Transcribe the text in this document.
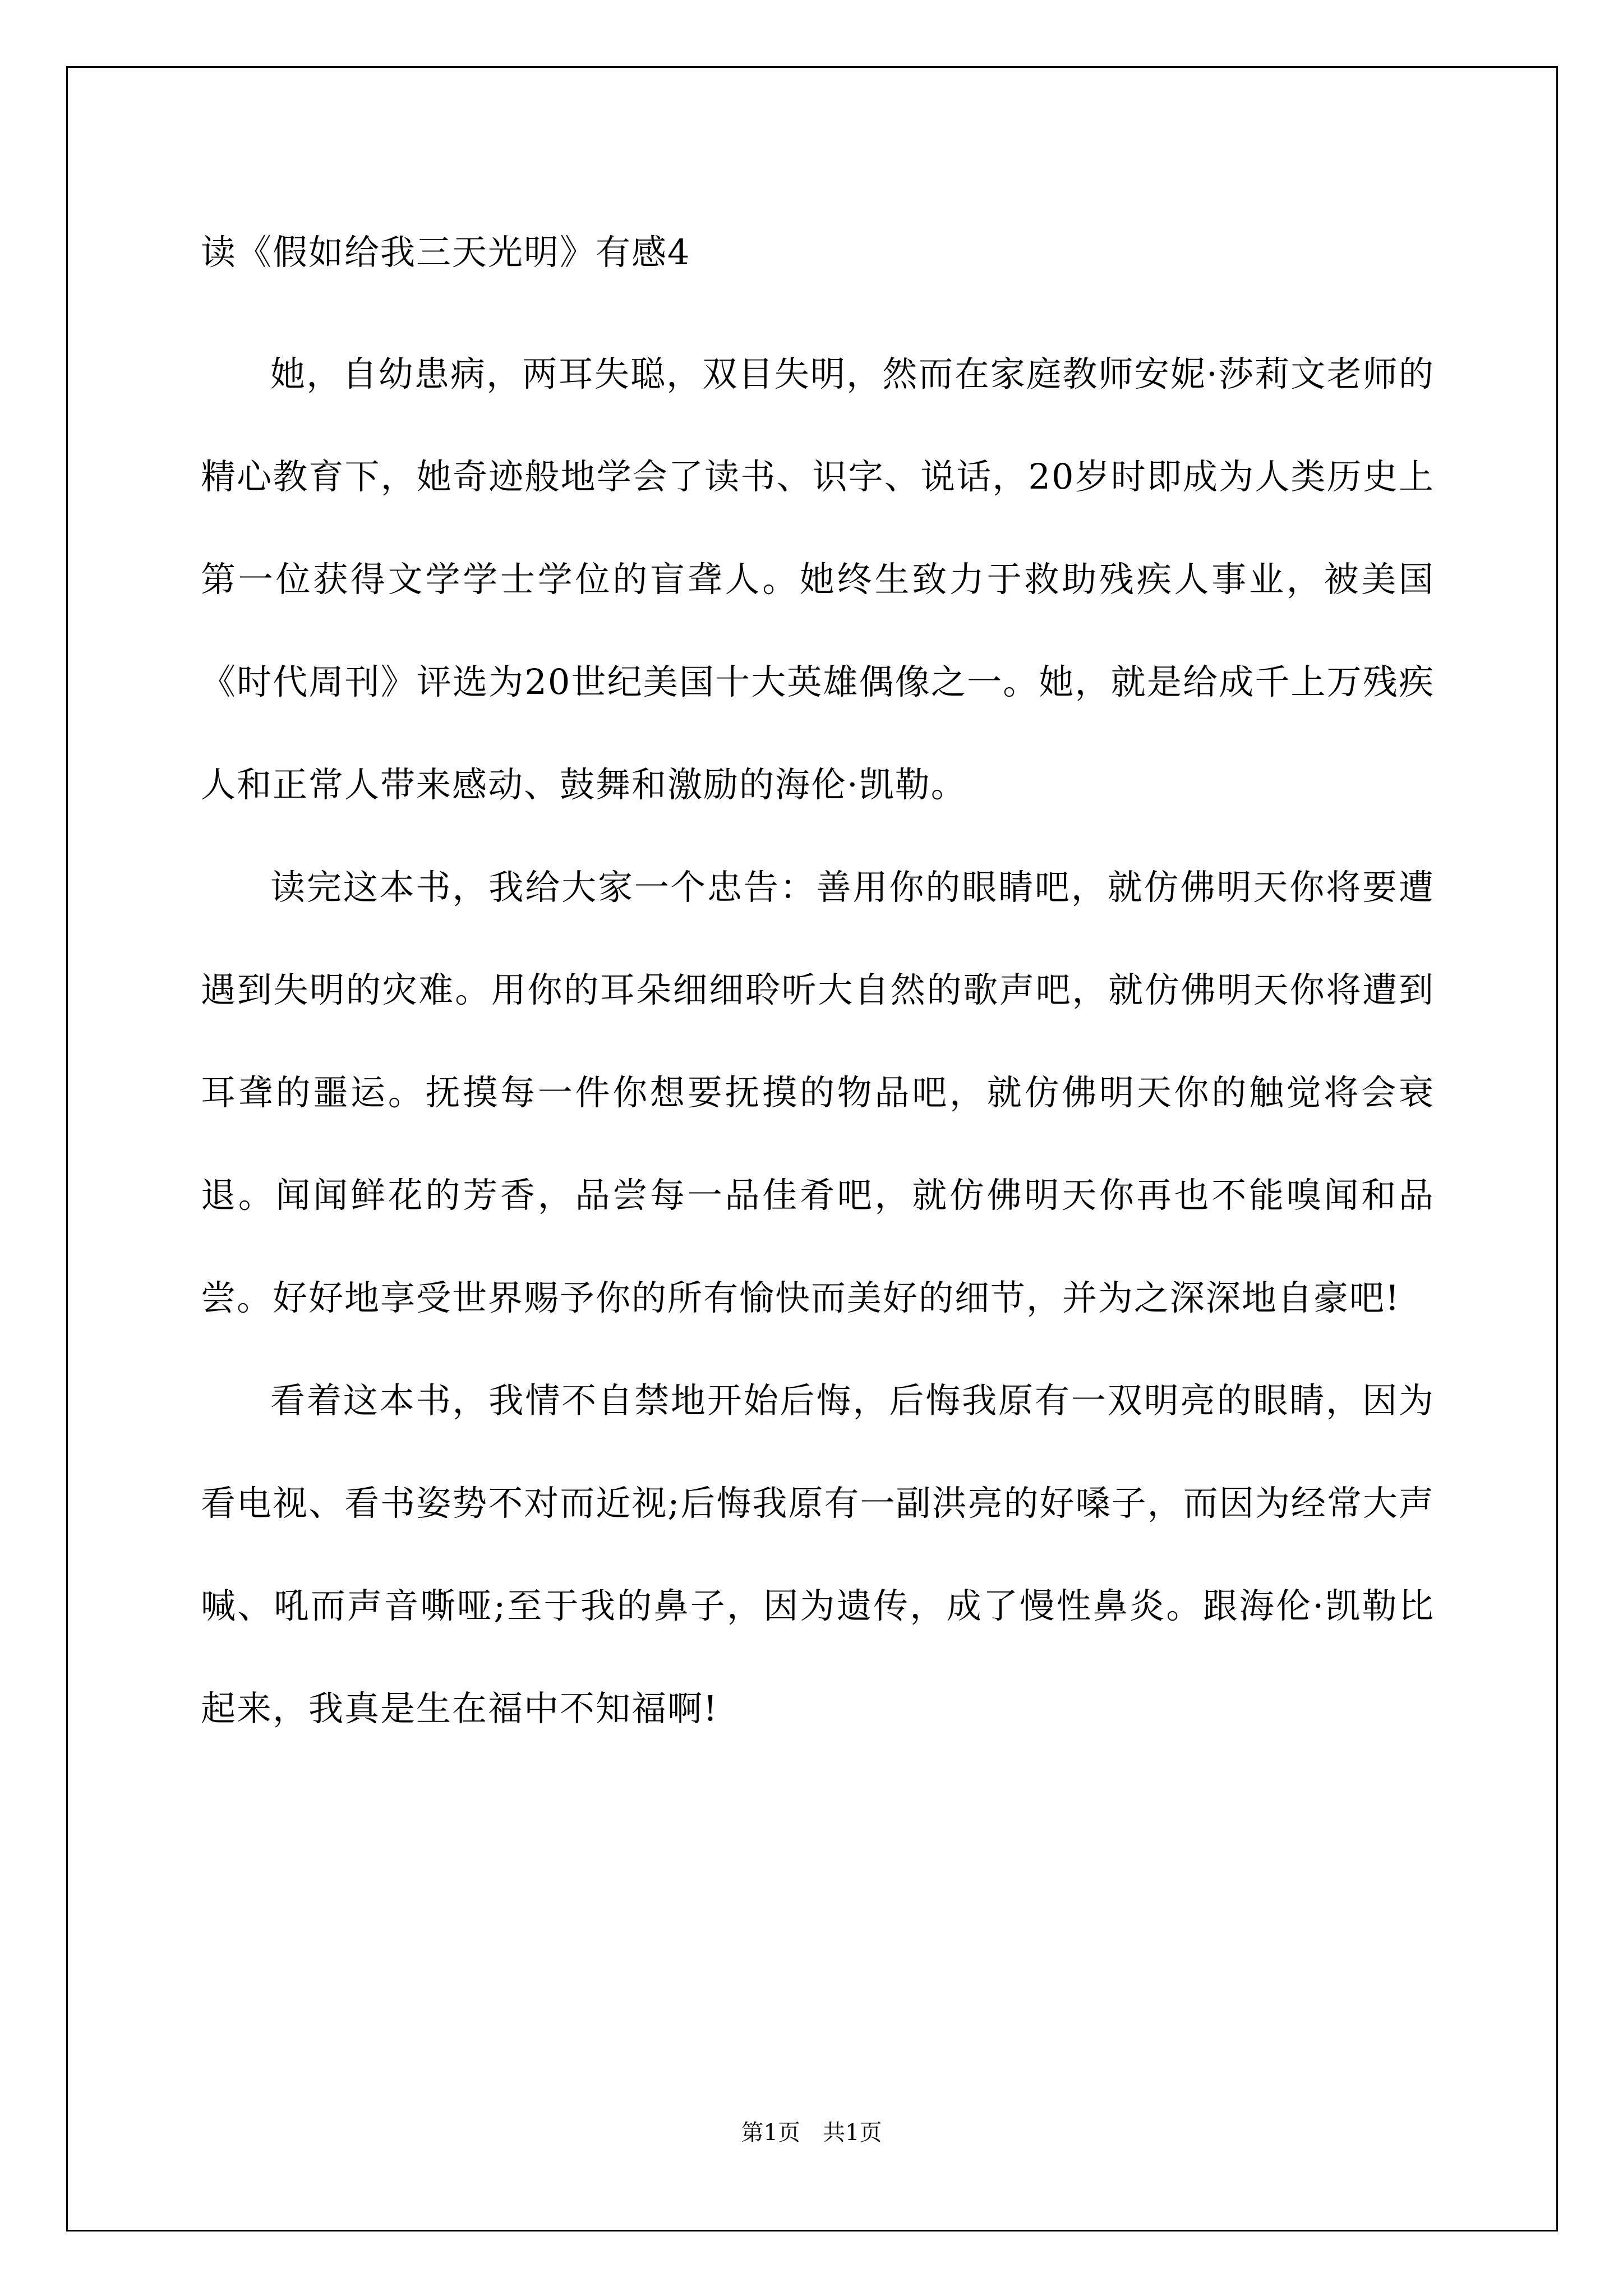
读《假如给我三天光明》有感4

她，自幼患病，两耳失聪，双目失明，然而在家庭教师安妮·莎莉文老师的精心教育下，她奇迹般地学会了读书、识字、说话，20岁时即成为人类历史上第一位获得文学学士学位的盲聋人。她终生致力于救助残疾人事业，被美国《时代周刊》评选为20世纪美国十大英雄偶像之一。她，就是给成千上万残疾人和正常人带来感动、鼓舞和激励的海伦·凯勒。

读完这本书，我给大家一个忠告：善用你的眼睛吧，就仿佛明天你将要遭遇到失明的灾难。用你的耳朵细细聆听大自然的歌声吧，就仿佛明天你将遭到耳聋的噩运。抚摸每一件你想要抚摸的物品吧，就仿佛明天你的触觉将会衰退。闻闻鲜花的芳香，品尝每一品佳肴吧，就仿佛明天你再也不能嗅闻和品尝。好好地享受世界赐予你的所有愉快而美好的细节，并为之深深地自豪吧!

看着这本书，我情不自禁地开始后悔，后悔我原有一双明亮的眼睛，因为看电视、看书姿势不对而近视;后悔我原有一副洪亮的好嗓子，而因为经常大声喊、吼而声音嘶哑;至于我的鼻子，因为遗传，成了慢性鼻炎。跟海伦·凯勒比起来，我真是生在福中不知福啊!

第1页　共1页
